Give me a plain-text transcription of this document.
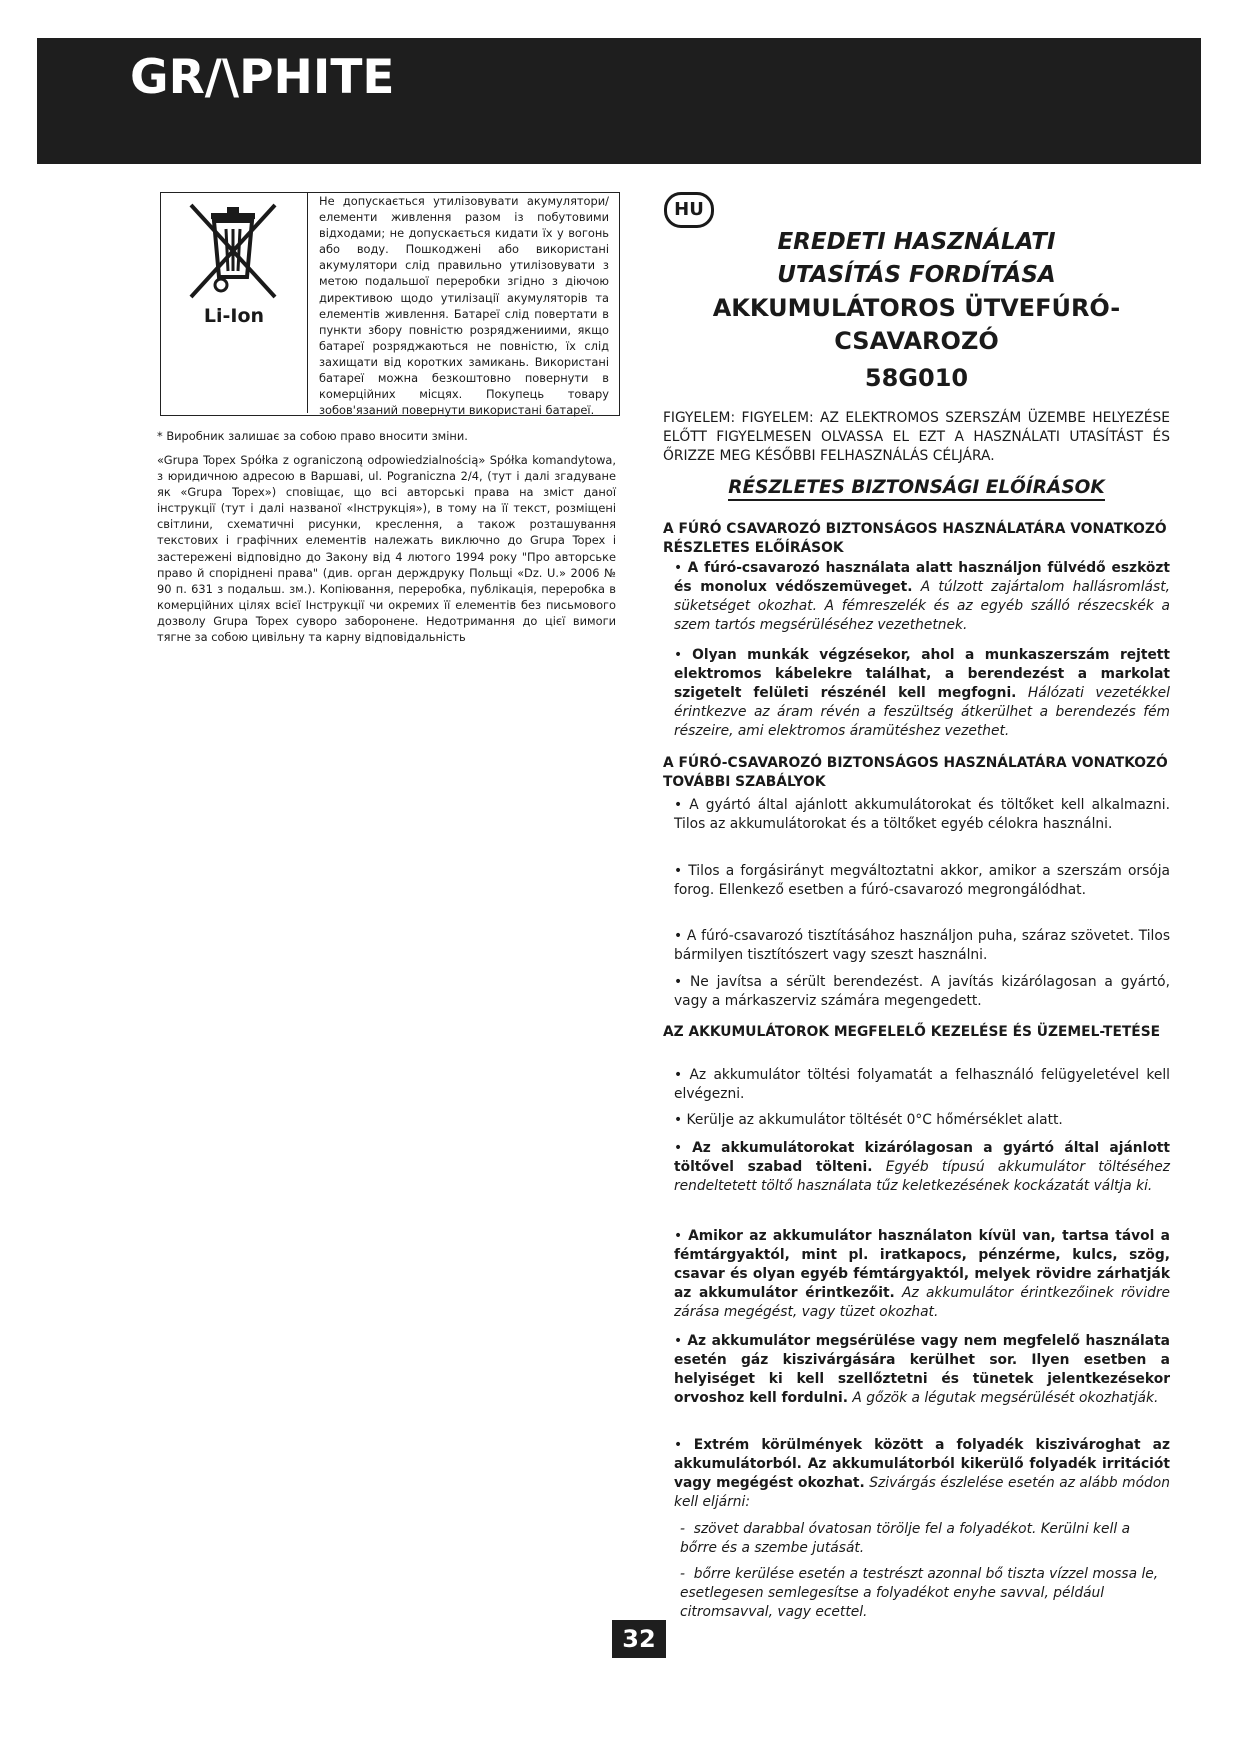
GR/\PHITE
Li-Ion
Не допускається утилізовувати акумулятори/ елементи живлення разом із побутовими відходами; не допускається кидати їх у вогонь або воду. Пошкоджені або використані акумулятори слід правильно утилізовувати з метою подальшої переробки згідно з діючою директивою щодо утилізації акумуляторів та елементів живлення. Батареї слід повертати в пункти збору повністю розряджениими, якщо батареї розряджаються не повністю, їх слід захищати від коротких замикань. Використані батареї можна безкоштовно повернути в комерційних місцях. Покупець товару зобов'язаний повернути використані батареї.
* Виробник залишає за собою право вносити зміни.
«Grupa Topex Spółka z ograniczoną odpowiedzialnością» Spółka komandytowa, з юридичною адресою в Варшаві, ul. Pograniczna 2/4, (тут і далі згадуване як «Grupa Topex») сповіщає, що всі авторські права на зміст даної інструкції (тут і далі названої «Інструкція»), в тому на її текст, розміщені світлини, схематичні рисунки, креслення, а також розташування текстових і графічних елементів належать виключно до Grupa Topex і застережені відповідно до Закону від 4 лютого 1994 року "Про авторське право й споріднені права" (див. орган держдруку Польщі «Dz. U.» 2006 № 90 п. 631 з подальш. зм.). Копіювання, переробка, публікація, переробка в комерційних цілях всієї Інструкції чи окремих її елементів без письмового дозволу Grupa Topex суворо заборонене. Недотримання до цієї вимоги тягне за собою цивільну та карну відповідальність
HU
EREDETI HASZNÁLATI
UTASÍTÁS FORDÍTÁSA
AKKUMULÁTOROS ÜTVEFÚRÓ-
CSAVAROZÓ
58G010
FIGYELEM: FIGYELEM: AZ ELEKTROMOS SZERSZÁM ÜZEMBE HELYEZÉSE ELŐTT FIGYELMESEN OLVASSA EL EZT A HASZNÁLATI UTASÍTÁST ÉS ŐRIZZE MEG KÉSŐBBI FELHASZNÁLÁS CÉLJÁRA.
RÉSZLETES BIZTONSÁGI ELŐÍRÁSOK
A FÚRÓ CSAVAROZÓ BIZTONSÁGOS HASZNÁLATÁRA VONATKOZÓ RÉSZLETES ELŐÍRÁSOK
• A fúró-csavarozó használata alatt használjon fülvédő eszközt és monolux védőszemüveget. A túlzott zajártalom hallásromlást, süketséget okozhat. A fémreszelék és az egyéb szálló részecskék a szem tartós megsérüléséhez vezethetnek.
• Olyan munkák végzésekor, ahol a munkaszerszám rejtett elektromos kábelekre találhat, a berendezést a markolat szigetelt felületi részénél kell megfogni. Hálózati vezetékkel érintkezve az áram révén a feszültség átkerülhet a berendezés fém részeire, ami elektromos áramütéshez vezethet.
A FÚRÓ-CSAVAROZÓ BIZTONSÁGOS HASZNÁLATÁRA VONATKOZÓ TOVÁBBI SZABÁLYOK
• A gyártó által ajánlott akkumulátorokat és töltőket kell alkalmazni. Tilos az akkumulátorokat és a töltőket egyéb célokra használni.
• Tilos a forgásirányt megváltoztatni akkor, amikor a szerszám orsója forog. Ellenkező esetben a fúró-csavarozó megrongálódhat.
• A fúró-csavarozó tisztításához használjon puha, száraz szövetet. Tilos bármilyen tisztítószert vagy szeszt használni.
• Ne javítsa a sérült berendezést. A javítás kizárólagosan a gyártó, vagy a márkaszerviz számára megengedett.
AZ AKKUMULÁTOROK MEGFELELŐ KEZELÉSE ÉS ÜZEMEL-TETÉSE
• Az akkumulátor töltési folyamatát a felhasználó felügyeletével kell elvégezni.
• Kerülje az akkumulátor töltését 0°C hőmérséklet alatt.
• Az akkumulátorokat kizárólagosan a gyártó által ajánlott töltővel szabad tölteni. Egyéb típusú akkumulátor töltéséhez rendeltetett töltő használata tűz keletkezésének kockázatát váltja ki.
• Amikor az akkumulátor használaton kívül van, tartsa távol a fémtárgyaktól, mint pl. iratkapocs, pénzérme, kulcs, szög, csavar és olyan egyéb fémtárgyaktól, melyek rövidre zárhatják az akkumulátor érintkezőit. Az akkumulátor érintkezőinek rövidre zárása megégést, vagy tüzet okozhat.
• Az akkumulátor megsérülése vagy nem megfelelő használata esetén gáz kiszivárgására kerülhet sor. Ilyen esetben a helyiséget ki kell szellőztetni és tünetek jelentkezésekor orvoshoz kell fordulni. A gőzök a légutak megsérülését okozhatják.
• Extrém körülmények között a folyadék kiszivároghat az akkumulátorból. Az akkumulátorból kikerülő folyadék irritációt vagy megégést okozhat. Szivárgás észlelése esetén az alább módon kell eljárni:
-  szövet darabbal óvatosan törölje fel a folyadékot. Kerülni kell a bőrre és a szembe jutását.
-  bőrre kerülése esetén a testrészt azonnal bő tiszta vízzel mossa le, esetlegesen semlegesítse a folyadékot enyhe savval, például citromsavval, vagy ecettel.
32
